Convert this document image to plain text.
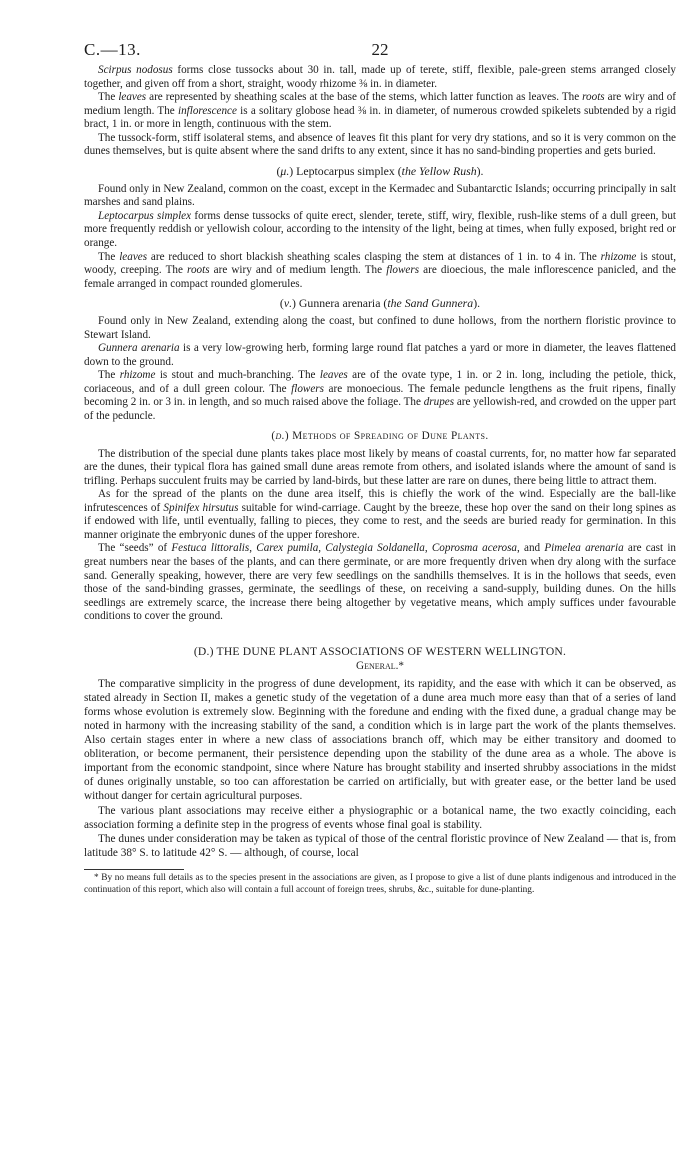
C.—13.	22

Scirpus nodosus forms close tussocks about 30 in. tall, made up of terete, stiff, flexible, pale-green stems arranged closely together, and given off from a short, straight, woody rhizome ⅜ in. in diameter.

The leaves are represented by sheathing scales at the base of the stems, which latter function as leaves. The roots are wiry and of medium length. The inflorescence is a solitary globose head ⅜ in. in diameter, of numerous crowded spikelets subtended by a rigid bract, 1 in. or more in length, continuous with the stem.

The tussock-form, stiff isolateral stems, and absence of leaves fit this plant for very dry stations, and so it is very common on the dunes themselves, but is quite absent where the sand drifts to any extent, since it has no sand-binding properties and gets buried.

(μ.) Leptocarpus simplex (the Yellow Rush).

Found only in New Zealand, common on the coast, except in the Kermadec and Subantarctic Islands; occurring principally in salt marshes and sand plains.

Leptocarpus simplex forms dense tussocks of quite erect, slender, terete, stiff, wiry, flexible, rush-like stems of a dull green, but more frequently reddish or yellowish colour, according to the intensity of the light, being at times, when fully exposed, bright red or orange.

The leaves are reduced to short blackish sheathing scales clasping the stem at distances of 1 in. to 4 in. The rhizome is stout, woody, creeping. The roots are wiry and of medium length. The flowers are dioecious, the male inflorescence panicled, and the female arranged in compact rounded glomerules.

(ν.) Gunnera arenaria (the Sand Gunnera).

Found only in New Zealand, extending along the coast, but confined to dune hollows, from the northern floristic province to Stewart Island.

Gunnera arenaria is a very low-growing herb, forming large round flat patches a yard or more in diameter, the leaves flattened down to the ground.

The rhizome is stout and much-branching. The leaves are of the ovate type, 1 in. or 2 in. long, including the petiole, thick, coriaceous, and of a dull green colour. The flowers are monoecious. The female peduncle lengthens as the fruit ripens, finally becoming 2 in. or 3 in. in length, and so much raised above the foliage. The drupes are yellowish-red, and crowded on the upper part of the peduncle.

(d.) Methods of Spreading of Dune Plants.

The distribution of the special dune plants takes place most likely by means of coastal currents, for, no matter how far separated are the dunes, their typical flora has gained small dune areas remote from others, and isolated islands where the amount of sand is trifling. Perhaps succulent fruits may be carried by land-birds, but these latter are rare on dunes, there being little to attract them.

As for the spread of the plants on the dune area itself, this is chiefly the work of the wind. Especially are the ball-like infrutescences of Spinifex hirsutus suitable for wind-carriage. Caught by the breeze, these hop over the sand on their long spines as if endowed with life, until eventually, falling to pieces, they come to rest, and the seeds are buried ready for germination. In this manner originate the embryonic dunes of the upper foreshore.

The “seeds” of Festuca littoralis, Carex pumila, Calystegia Soldanella, Coprosma acerosa, and Pimelea arenaria are cast in great numbers near the bases of the plants, and can there germinate, or are more frequently driven when dry along with the surface sand. Generally speaking, however, there are very few seedlings on the sandhills themselves. It is in the hollows that seeds, even those of the sand-binding grasses, germinate, the seedlings of these, on receiving a sand-supply, building dunes. On the hills seedlings are extremely scarce, the increase there being altogether by vegetative means, which amply suffices under favourable conditions to cover the ground.

(D.) THE DUNE PLANT ASSOCIATIONS OF WESTERN WELLINGTON.
General.*

The comparative simplicity in the progress of dune development, its rapidity, and the ease with which it can be observed, as stated already in Section II, makes a genetic study of the vegetation of a dune area much more easy than that of a series of land forms whose evolution is extremely slow. Beginning with the foredune and ending with the fixed dune, a gradual change may be noted in harmony with the increasing stability of the sand, a condition which is in large part the work of the plants themselves. Also certain stages enter in where a new class of associations branch off, which may be either transitory and doomed to obliteration, or become permanent, their persistence depending upon the stability of the dune area as a whole. The above is important from the economic standpoint, since where Nature has brought stability and inserted shrubby associations in the midst of dunes originally unstable, so too can afforestation be carried on artificially, but with greater ease, or the better land be used without danger for certain agricultural purposes.

The various plant associations may receive either a physiographic or a botanical name, the two exactly coinciding, each association forming a definite step in the progress of events whose final goal is stability.

The dunes under consideration may be taken as typical of those of the central floristic province of New Zealand — that is, from latitude 38° S. to latitude 42° S. — although, of course, local

* By no means full details as to the species present in the associations are given, as I propose to give a list of dune plants indigenous and introduced in the continuation of this report, which also will contain a full account of foreign trees, shrubs, &c., suitable for dune-planting.
